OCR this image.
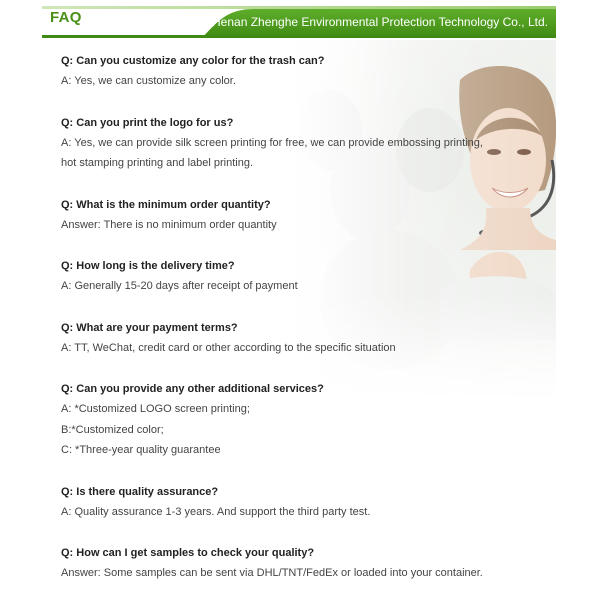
FAQ	Henan Zhenghe Environmental Protection Technology Co., Ltd.
Q: Can you customize any color for the trash can?
A: Yes, we can customize any color.
Q: Can you print the logo for us?
A: Yes, we can provide silk screen printing for free, we can provide embossing printing,
hot stamping printing and label printing.
Q: What is the minimum order quantity?
Answer: There is no minimum order quantity
Q: How long is the delivery time?
A: Generally 15-20 days after receipt of payment
Q: What are your payment terms?
A: TT, WeChat, credit card or other according to the specific situation
Q: Can you provide any other additional services?
A: *Customized LOGO screen printing;
B:*Customized color;
C: *Three-year quality guarantee
Q: Is there quality assurance?
A: Quality assurance 1-3 years. And support the third party test.
Q: How can I get samples to check your quality?
Answer: Some samples can be sent via DHL/TNT/FedEx or loaded into your container.
